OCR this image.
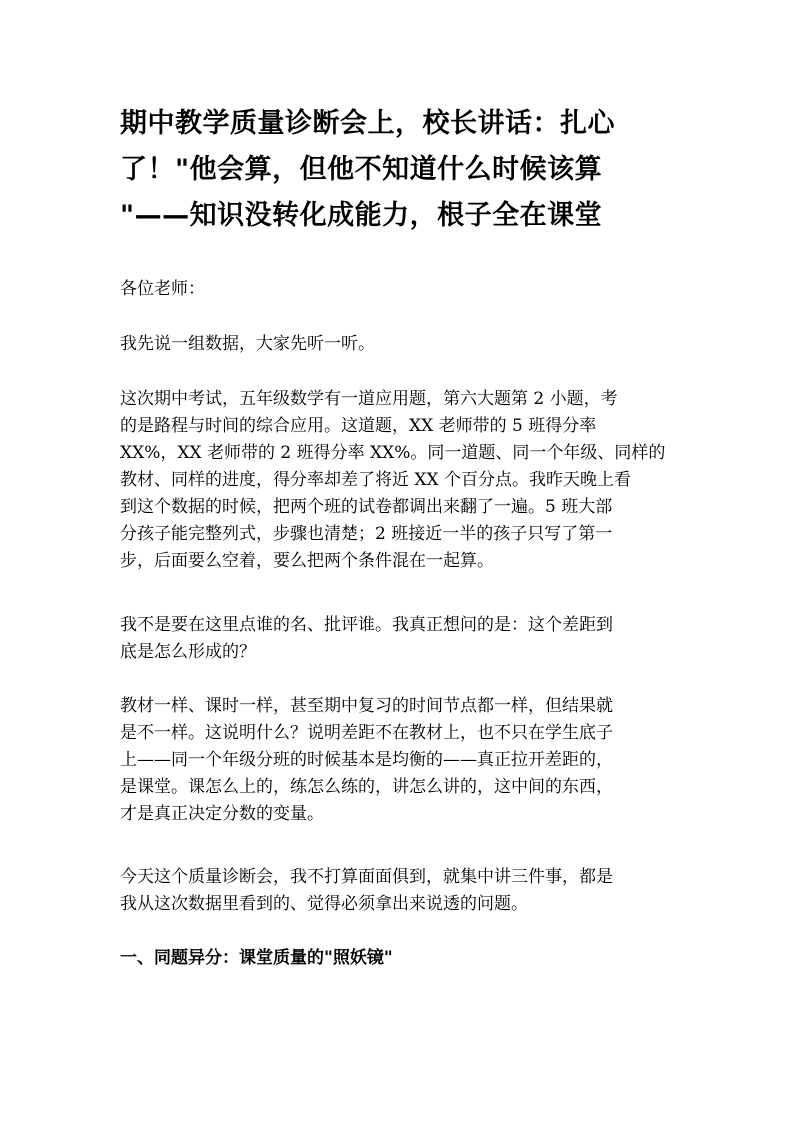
期中教学质量诊断会上，校长讲话：扎心
了！"他会算，但他不知道什么时候该算
"——知识没转化成能力，根子全在课堂

各位老师：

我先说一组数据，大家先听一听。

这次期中考试，五年级数学有一道应用题，第六大题第 2 小题，考
的是路程与时间的综合应用。这道题，XX 老师带的 5 班得分率
XX%，XX 老师带的 2 班得分率 XX%。同一道题、同一个年级、同样的
教材、同样的进度，得分率却差了将近 XX 个百分点。我昨天晚上看
到这个数据的时候，把两个班的试卷都调出来翻了一遍。5 班大部
分孩子能完整列式，步骤也清楚；2 班接近一半的孩子只写了第一
步，后面要么空着，要么把两个条件混在一起算。

我不是要在这里点谁的名、批评谁。我真正想问的是：这个差距到
底是怎么形成的？

教材一样、课时一样，甚至期中复习的时间节点都一样，但结果就
是不一样。这说明什么？说明差距不在教材上，也不只在学生底子
上——同一个年级分班的时候基本是均衡的——真正拉开差距的，
是课堂。课怎么上的，练怎么练的，讲怎么讲的，这中间的东西，
才是真正决定分数的变量。

今天这个质量诊断会，我不打算面面俱到，就集中讲三件事，都是
我从这次数据里看到的、觉得必须拿出来说透的问题。

一、同题异分：课堂质量的"照妖镜"
